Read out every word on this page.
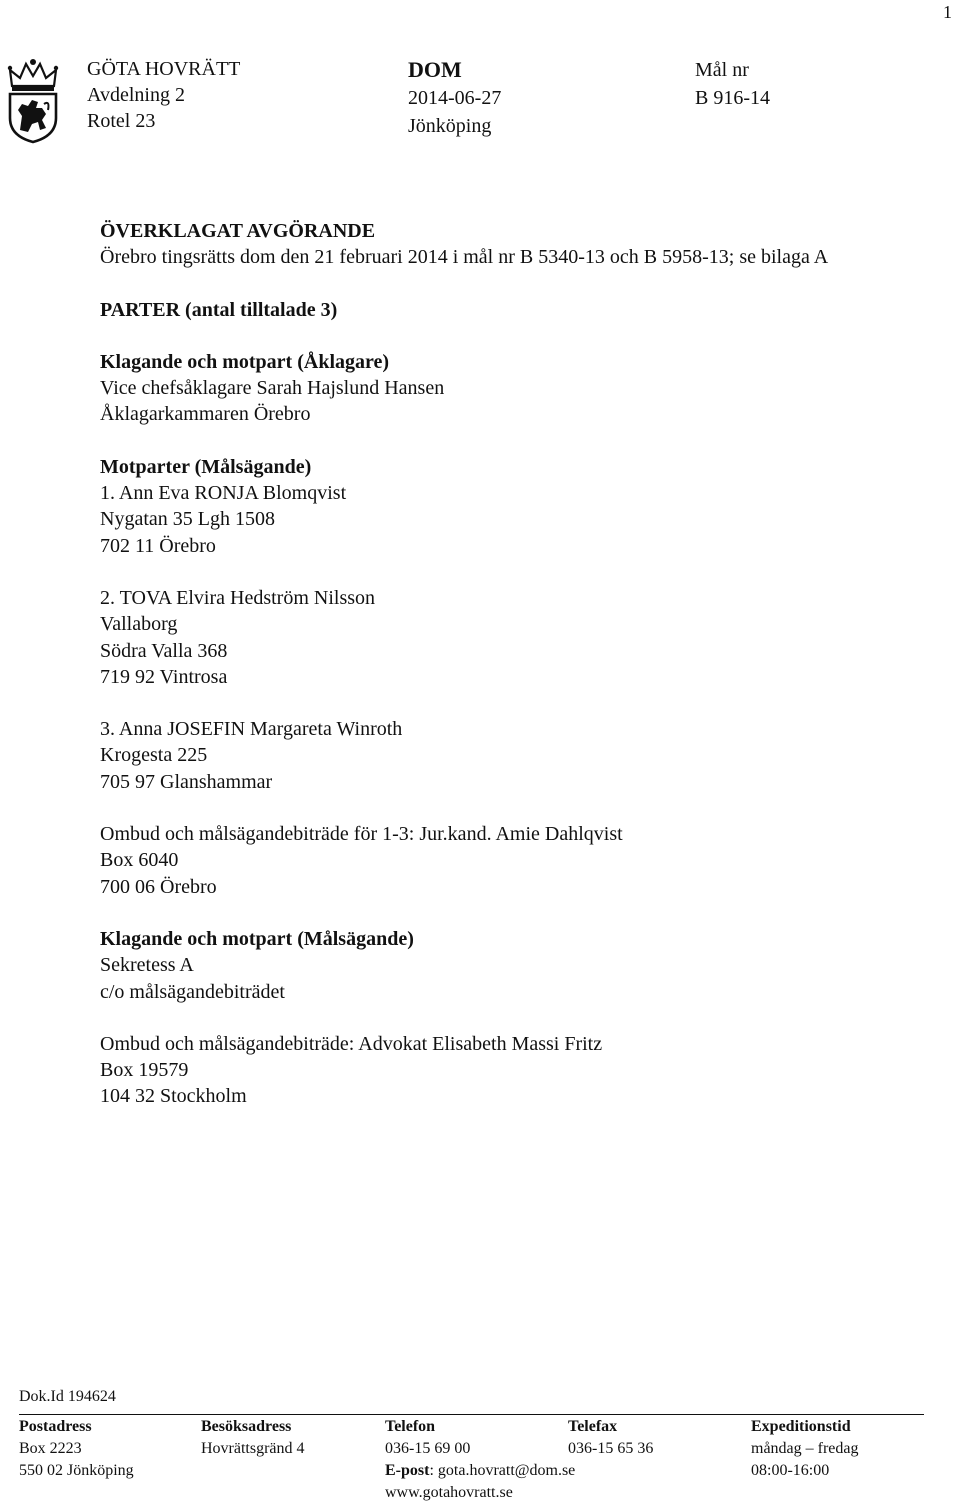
1
GÖTA HOVRÄTT
Avdelning 2
Rotel 23
DOM
2014-06-27
Jönköping
Mål nr
B 916-14
ÖVERKLAGAT AVGÖRANDE
Örebro tingsrätts dom den 21 februari 2014 i mål nr B 5340-13 och B 5958-13; se bilaga A
PARTER (antal tilltalade 3)
Klagande och motpart (Åklagare)
Vice chefsåklagare Sarah Hajslund Hansen
Åklagarkammaren Örebro
Motparter (Målsägande)
1. Ann Eva RONJA Blomqvist
Nygatan 35 Lgh 1508
702 11 Örebro
2. TOVA Elvira Hedström Nilsson
Vallaborg
Södra Valla 368
719 92 Vintrosa
3. Anna JOSEFIN Margareta Winroth
Krogesta 225
705 97 Glanshammar
Ombud och målsägandebiträde för 1-3: Jur.kand. Amie Dahlqvist
Box 6040
700 06 Örebro
Klagande och motpart (Målsägande)
Sekretess A
c/o målsägandebiträdet
Ombud och målsägandebiträde: Advokat Elisabeth Massi Fritz
Box 19579
104 32 Stockholm
Dok.Id 194624
Postadress
Box 2223
550 02 Jönköping
Besöksadress
Hovrättsgränd 4
Telefon
036-15 69 00
E-post: gota.hovratt@dom.se
www.gotahovratt.se
Telefax
036-15 65 36
Expeditionstid
måndag – fredag
08:00-16:00
